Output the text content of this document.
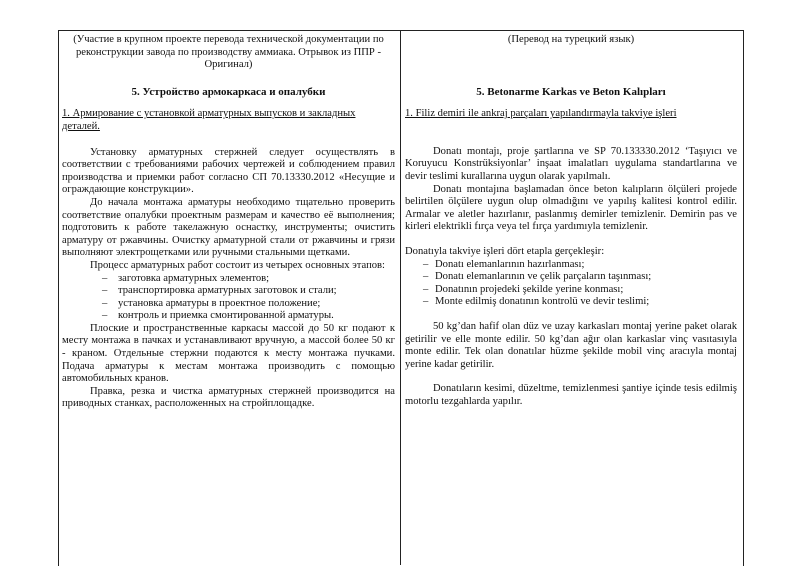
(Участие в крупном проекте перевода технической документации по реконструкции завода по производству аммиака. Отрывок из ППР - Оригинал)
5. Устройство армокаркаса и опалубки
1. Армирование с установкой арматурных выпусков и закладных деталей.
Установку арматурных стержней следует осуществлять в соответствии с требованиями рабочих чертежей и соблюдением правил производства и приемки работ согласно СП 70.13330.2012 «Несущие и ограждающие конструкции».
До начала монтажа арматуры необходимо тщательно проверить соответствие опалубки проектным размерам и качество её выполнения; подготовить к работе такелажную оснастку, инструменты; очистить арматуру от ржавчины. Очистку арматурной стали от ржавчины и грязи выполняют электрощетками или ручными стальными щетками.
Процесс арматурных работ состоит из четырех основных этапов:
– заготовка арматурных элементов;
– транспортировка арматурных заготовок и стали;
– установка арматуры в проектное положение;
– контроль и приемка смонтированной арматуры.
Плоские и пространственные каркасы массой до 50 кг подают к месту монтажа в пачках и устанавливают вручную, а массой более 50 кг - краном. Отдельные стержни подаются к месту монтажа пучками. Подача арматуры к местам монтажа производить с помощью автомобильных кранов.
Правка, резка и чистка арматурных стержней производится на приводных станках, расположенных на стройплощадке.
(Перевод на турецкий язык)
5. Betonarme Karkas ve Beton Kalıpları
1. Filiz demiri ile ankraj parçaları yapılandırmayla takviye işleri
Donatı montajı, proje şartlarına ve SP 70.133330.2012 ‘Taşıyıcı ve Koruyucu Konstrüksiyonlar’ inşaat imalatları uygulama standartlarına ve devir teslimi kurallarına uygun olarak yapılmalı.
Donatı montajına başlamadan önce beton kalıpların ölçüleri projede belirtilen ölçülere uygun olup olmadığını ve yapılış kalitesi kontrol edilir. Armalar ve aletler hazırlanır, paslanmış demirler temizlenir. Demirin pas ve kirleri elektrikli fırça veya tel fırça yardımıyla temizlenir.
Donatıyla takviye işleri dört etapla gerçekleşir:
– Donatı elemanlarının hazırlanması;
– Donatı elemanlarının ve çelik parçaların taşınması;
– Donatının projedeki şekilde yerine konması;
– Monte edilmiş donatının kontrolü ve devir teslimi;
50 kg’dan hafif olan düz ve uzay karkasları montaj yerine paket olarak getirilir ve elle monte edilir. 50 kg’dan ağır olan karkaslar vinç vasıtasıyla monte edilir. Tek olan donatılar hüzme şekilde mobil vinç aracıyla montaj yerine kadar getirilir.
Donatıların kesimi, düzeltme, temizlenmesi şantiye içinde tesis edilmiş motorlu tezgahlarda yapılır.
